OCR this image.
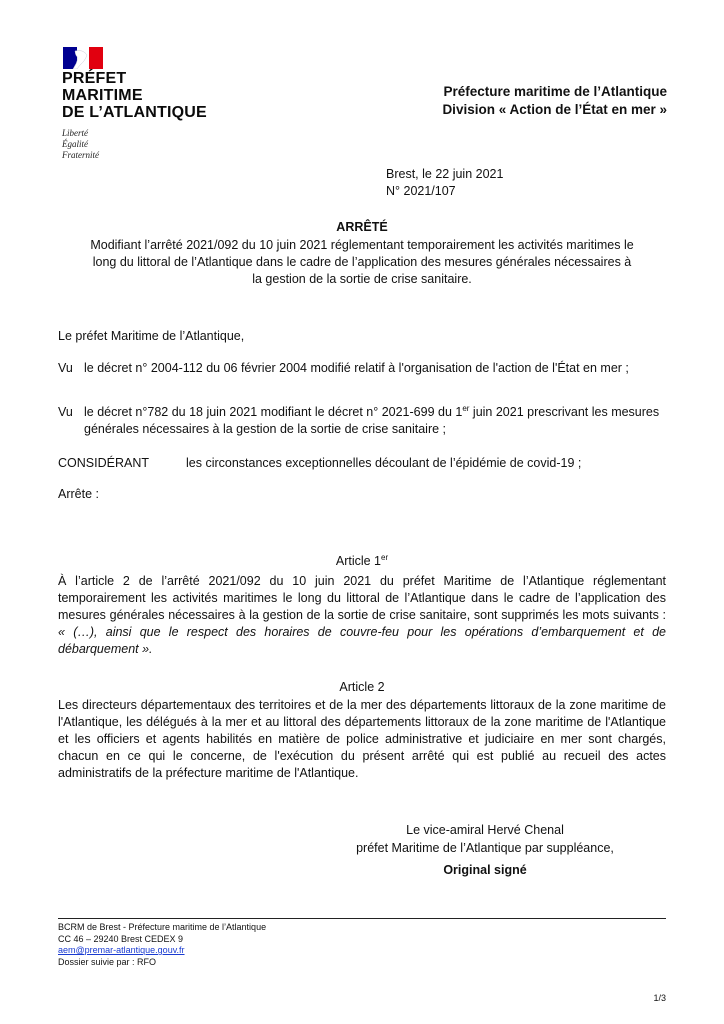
PRÉFET
MARITIME
DE L’ATLANTIQUE
Liberté
Égalité
Fraternité
Préfecture maritime de l’Atlantique
Division « Action de l’État en mer »
Brest, le 22 juin 2021
N° 2021/107
ARRÊTÉ
Modifiant l’arrêté 2021/092 du 10 juin 2021 réglementant temporairement les activités maritimes le long du littoral de l’Atlantique dans le cadre de l’application des mesures générales nécessaires à la gestion de la sortie de crise sanitaire.
Le préfet Maritime de l’Atlantique,
Vu le décret n° 2004-112 du 06 février 2004 modifié relatif à l'organisation de l'action de l'État en mer ;
Vu le décret n°782 du 18 juin 2021 modifiant le décret n° 2021-699 du 1er juin 2021 prescrivant les mesures générales nécessaires à la gestion de la sortie de crise sanitaire ;
CONSIDÉRANT	les circonstances exceptionnelles découlant de l’épidémie de covid-19 ;
Arrête :
Article 1er
À l’article 2 de l’arrêté 2021/092 du 10 juin 2021 du préfet Maritime de l’Atlantique réglementant temporairement les activités maritimes le long du littoral de l’Atlantique dans le cadre de l’application des mesures générales nécessaires à la gestion de la sortie de crise sanitaire, sont supprimés les mots suivants : « (…), ainsi que le respect des horaires de couvre-feu pour les opérations d’embarquement et de débarquement ».
Article 2
Les directeurs départementaux des territoires et de la mer des départements littoraux de la zone maritime de l'Atlantique, les délégués à la mer et au littoral des départements littoraux de la zone maritime de l'Atlantique et les officiers et agents habilités en matière de police administrative et judiciaire en mer sont chargés, chacun en ce qui le concerne, de l'exécution du présent arrêté qui est publié au recueil des actes administratifs de la préfecture maritime de l'Atlantique.
Le vice-amiral Hervé Chenal
préfet Maritime de l’Atlantique par suppléance,
Original signé
BCRM de Brest - Préfecture maritime de l’Atlantique
CC 46 – 29240 Brest CEDEX 9
aem@premar-atlantique.gouv.fr
Dossier suivie par : RFO
1/3
